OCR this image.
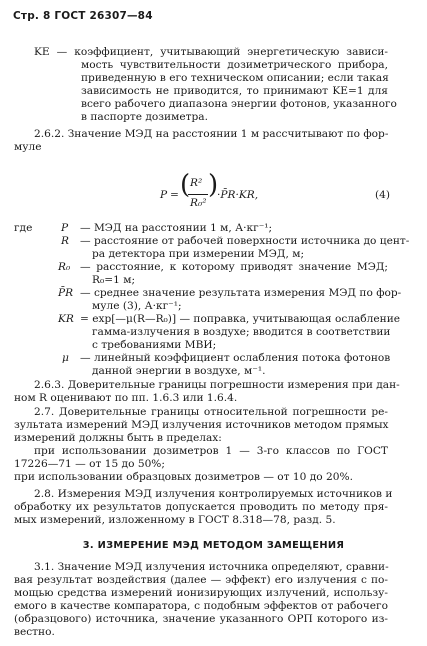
Стр. 8 ГОСТ 26307—84
KЕ — коэффициент, учитывающий энергетическую зависи-
мость чувствительности дозиметрического прибора,
приведенную в его техническом описании; если такая
зависимость не приводится, то принимают KЕ=1 для
всего рабочего диапазона энергии фотонов, указанного
в паспорте дозиметра.
2.6.2. Значение МЭД на расстоянии 1 м рассчитывают по фор-
муле
P = ( R²
R₀²
)
·P̄R·KR,	(4)
где	P — МЭД на расстоянии 1 м, А·кг⁻¹;
R — расстояние от рабочей поверхности источника до цент-
ра детектора при измерении МЭД, м;
R₀ — расстояние, к которому приводят значение МЭД;
R₀=1 м;
P̄R — среднее значение результата измерения МЭД по фор-
муле (3), А·кг⁻¹;
KR = exp[—μ(R—R₀)] — поправка, учитывающая ослабление
гамма-излучения в воздухе; вводится в соответствии
с требованиями МВИ;
μ — линейный коэффициент ослабления потока фотонов
данной энергии в воздухе, м⁻¹.
2.6.3. Доверительные границы погрешности измерения при дан-
ном R оценивают по пп. 1.6.3 или 1.6.4.
2.7. Доверительные границы относительной погрешности ре-
зультата измерений МЭД излучения источников методом прямых
измерений должны быть в пределах:
при использовании дозиметров 1 — 3-го классов по ГОСТ
17226—71 — от 15 до 50%;
при использовании образцовых дозиметров — от 10 до 20%.
2.8. Измерения МЭД излучения контролируемых источников и
обработку их результатов допускается проводить по методу пря-
мых измерений, изложенному в ГОСТ 8.318—78, разд. 5.
3. ИЗМЕРЕНИЕ МЭД МЕТОДОМ ЗАМЕЩЕНИЯ
3.1. Значение МЭД излучения источника определяют, сравни-
вая результат воздействия (далее — эффект) его излучения с по-
мощью средства измерений ионизирующих излучений, использу-
емого в качестве компаратора, с подобным эффектов от рабочего
(образцового) источника, значение указанного ОРП которого из-
вестно.
